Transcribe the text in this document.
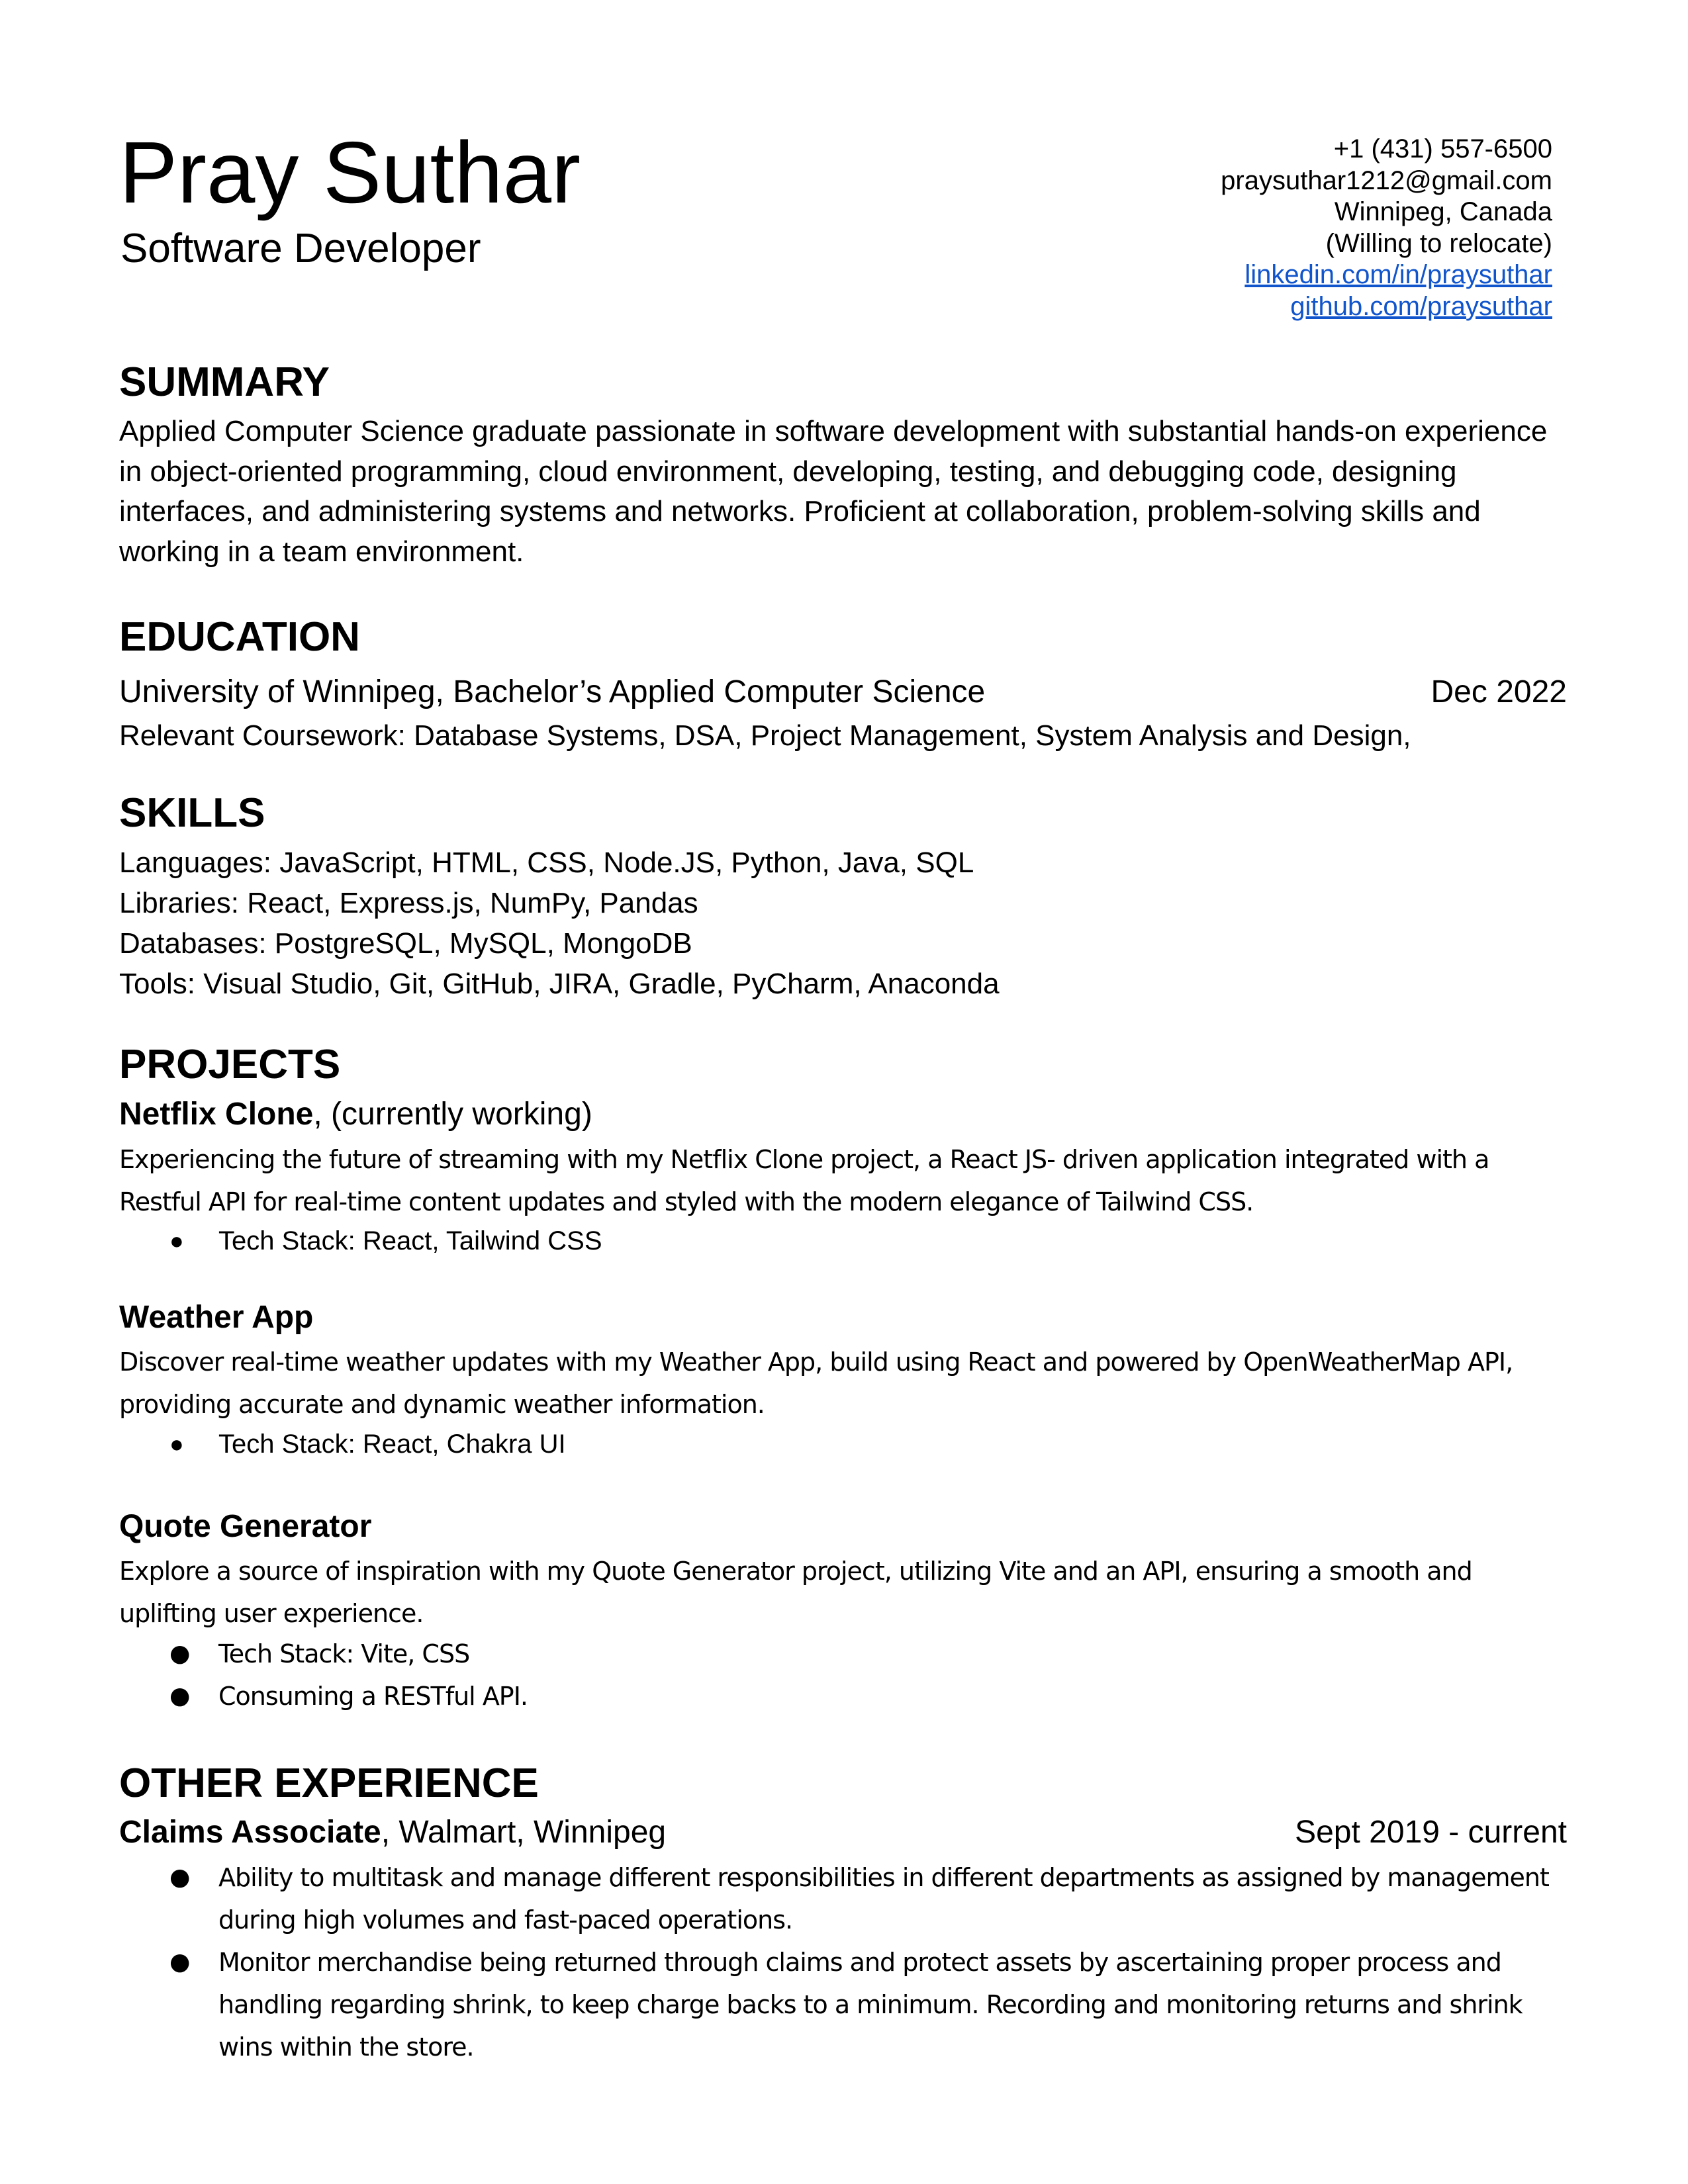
Pray Suthar
Software Developer
+1 (431) 557-6500
praysuthar1212@gmail.com
Winnipeg, Canada
(Willing to relocate)
linkedin.com/in/praysuthar
github.com/praysuthar
SUMMARY
Applied Computer Science graduate passionate in software development with substantial hands-on experience in object-oriented programming, cloud environment, developing, testing, and debugging code, designing interfaces, and administering systems and networks. Proficient at collaboration, problem-solving skills and working in a team environment.
EDUCATION
University of Winnipeg, Bachelor’s Applied Computer Science	Dec 2022
Relevant Coursework: Database Systems, DSA, Project Management, System Analysis and Design,
SKILLS
Languages: JavaScript, HTML, CSS, Node.JS, Python, Java, SQL
Libraries: React, Express.js, NumPy, Pandas
Databases: PostgreSQL, MySQL, MongoDB
Tools: Visual Studio, Git, GitHub, JIRA, Gradle, PyCharm, Anaconda
PROJECTS
Netflix Clone, (currently working)
Experiencing the future of streaming with my Netflix Clone project, a React JS- driven application integrated with a Restful API for real-time content updates and styled with the modern elegance of Tailwind CSS.
● Tech Stack: React, Tailwind CSS
Weather App
Discover real-time weather updates with my Weather App, build using React and powered by OpenWeatherMap API, providing accurate and dynamic weather information.
● Tech Stack: React, Chakra UI
Quote Generator
Explore a source of inspiration with my Quote Generator project, utilizing Vite and an API, ensuring a smooth and uplifting user experience.
● Tech Stack: Vite, CSS
● Consuming a RESTful API.
OTHER EXPERIENCE
Claims Associate, Walmart, Winnipeg	Sept 2019 - current
● Ability to multitask and manage different responsibilities in different departments as assigned by management during high volumes and fast-paced operations.
● Monitor merchandise being returned through claims and protect assets by ascertaining proper process and handling regarding shrink, to keep charge backs to a minimum. Recording and monitoring returns and shrink wins within the store.
